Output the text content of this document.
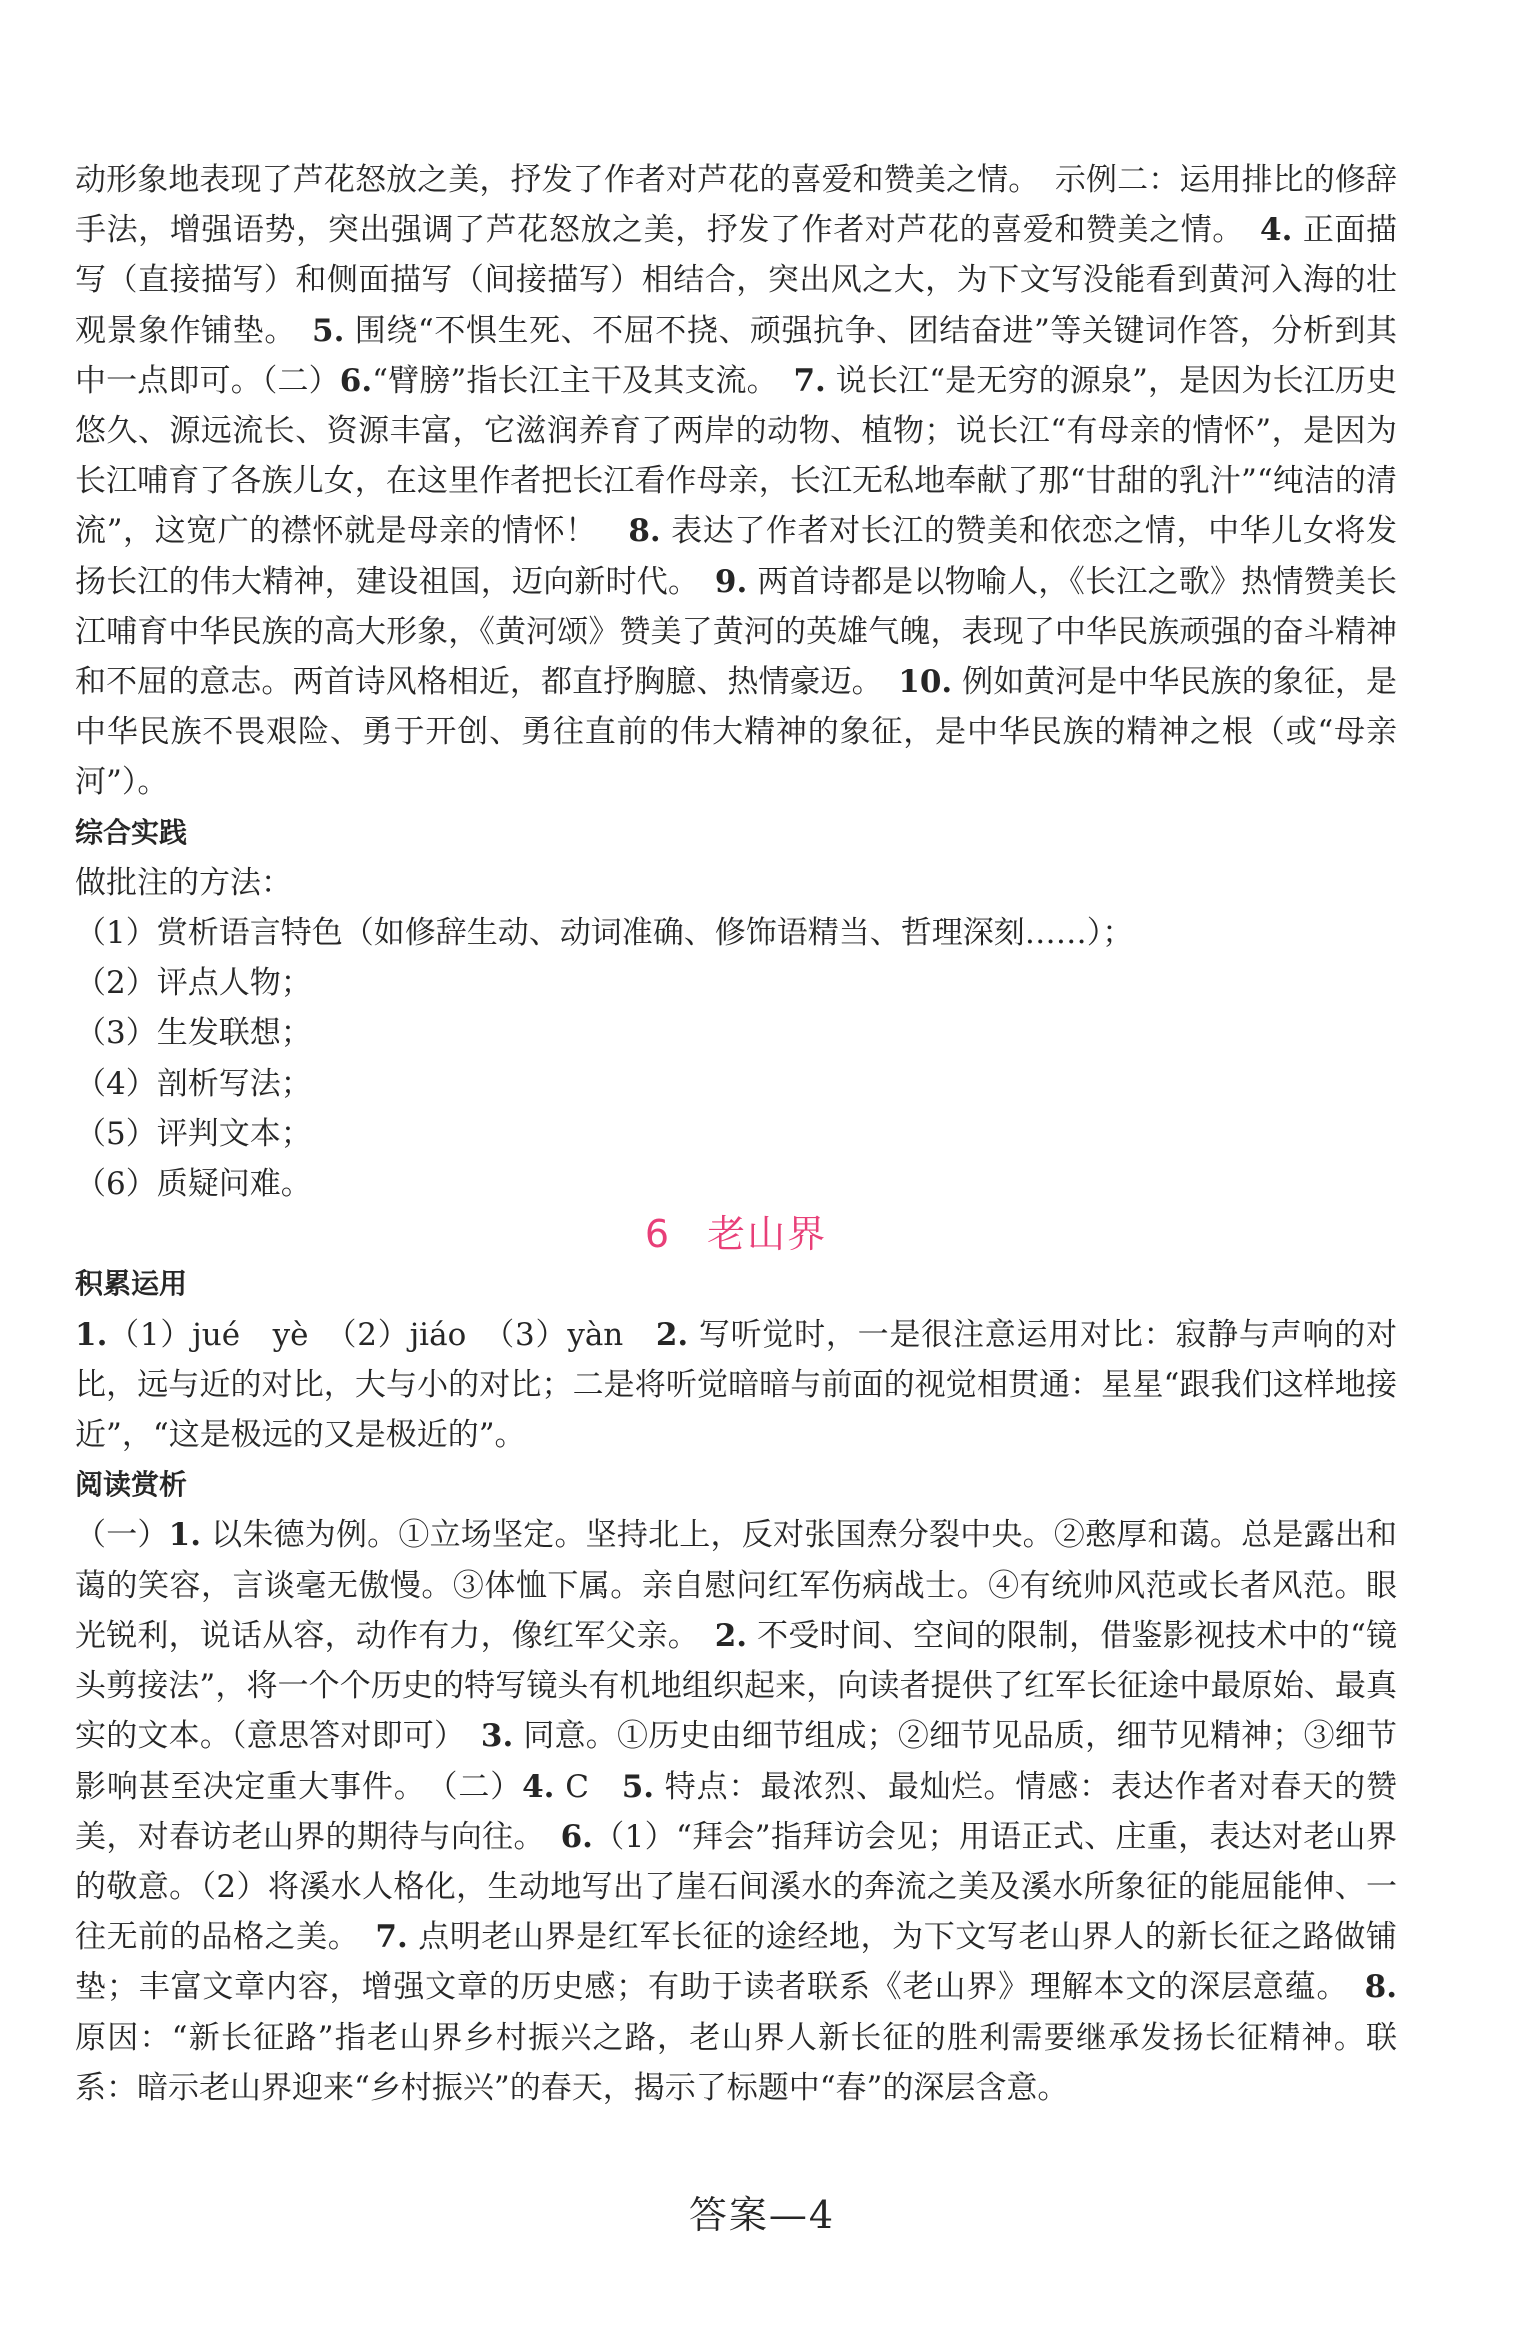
动形象地表现了芦花怒放之美，抒发了作者对芦花的喜爱和赞美之情。　示例二：运用排比的修辞手法，增强语势，突出强调了芦花怒放之美，抒发了作者对芦花的喜爱和赞美之情。　4. 正面描写（直接描写）和侧面描写（间接描写）相结合，突出风之大，为下文写没能看到黄河入海的壮观景象作铺垫。　5. 围绕“不惧生死、不屈不挠、顽强抗争、团结奋进”等关键词作答，分析到其中一点即可。（二）6.“臂膀”指长江主干及其支流。　7. 说长江“是无穷的源泉”，是因为长江历史悠久、源远流长、资源丰富，它滋润养育了两岸的动物、植物；说长江“有母亲的情怀”，是因为长江哺育了各族儿女，在这里作者把长江看作母亲，长江无私地奉献了那“甘甜的乳汁”“纯洁的清流”，这宽广的襟怀就是母亲的情怀！　8. 表达了作者对长江的赞美和依恋之情，中华儿女将发扬长江的伟大精神，建设祖国，迈向新时代。　9. 两首诗都是以物喻人，《长江之歌》热情赞美长江哺育中华民族的高大形象，《黄河颂》赞美了黄河的英雄气魄，表现了中华民族顽强的奋斗精神和不屈的意志。两首诗风格相近，都直抒胸臆、热情豪迈。　10. 例如黄河是中华民族的象征，是中华民族不畏艰险、勇于开创、勇往直前的伟大精神的象征，是中华民族的精神之根（或“母亲河”）。

综合实践

做批注的方法：

（1）赏析语言特色（如修辞生动、动词准确、修饰语精当、哲理深刻……）；

（2）评点人物；

（3）生发联想；

（4）剖析写法；

（5）评判文本；

（6）质疑问难。

6 老山界

积累运用

1.（1）jué　yè　（2）jiáo　（3）yàn　2. 写听觉时，一是很注意运用对比：寂静与声响的对比，远与近的对比，大与小的对比；二是将听觉暗暗与前面的视觉相贯通：星星“跟我们这样地接近”，“这是极远的又是极近的”。

阅读赏析

（一）1. 以朱德为例。①立场坚定。坚持北上，反对张国焘分裂中央。②憨厚和蔼。总是露出和蔼的笑容，言谈毫无傲慢。③体恤下属。亲自慰问红军伤病战士。④有统帅风范或长者风范。眼光锐利，说话从容，动作有力，像红军父亲。　2. 不受时间、空间的限制，借鉴影视技术中的“镜头剪接法”，将一个个历史的特写镜头有机地组织起来，向读者提供了红军长征途中最原始、最真实的文本。（意思答对即可）　3. 同意。①历史由细节组成；②细节见品质，细节见精神；③细节影响甚至决定重大事件。　（二）4. C　5. 特点：最浓烈、最灿烂。情感：表达作者对春天的赞美，对春访老山界的期待与向往。　6.（1）“拜会”指拜访会见；用语正式、庄重，表达对老山界的敬意。（2）将溪水人格化，生动地写出了崖石间溪水的奔流之美及溪水所象征的能屈能伸、一往无前的品格之美。　7. 点明老山界是红军长征的途经地，为下文写老山界人的新长征之路做铺垫；丰富文章内容，增强文章的历史感；有助于读者联系《老山界》理解本文的深层意蕴。　8. 原因：“新长征路”指老山界乡村振兴之路，老山界人新长征的胜利需要继承发扬长征精神。联系：暗示老山界迎来“乡村振兴”的春天，揭示了标题中“春”的深层含意。

答案—4
